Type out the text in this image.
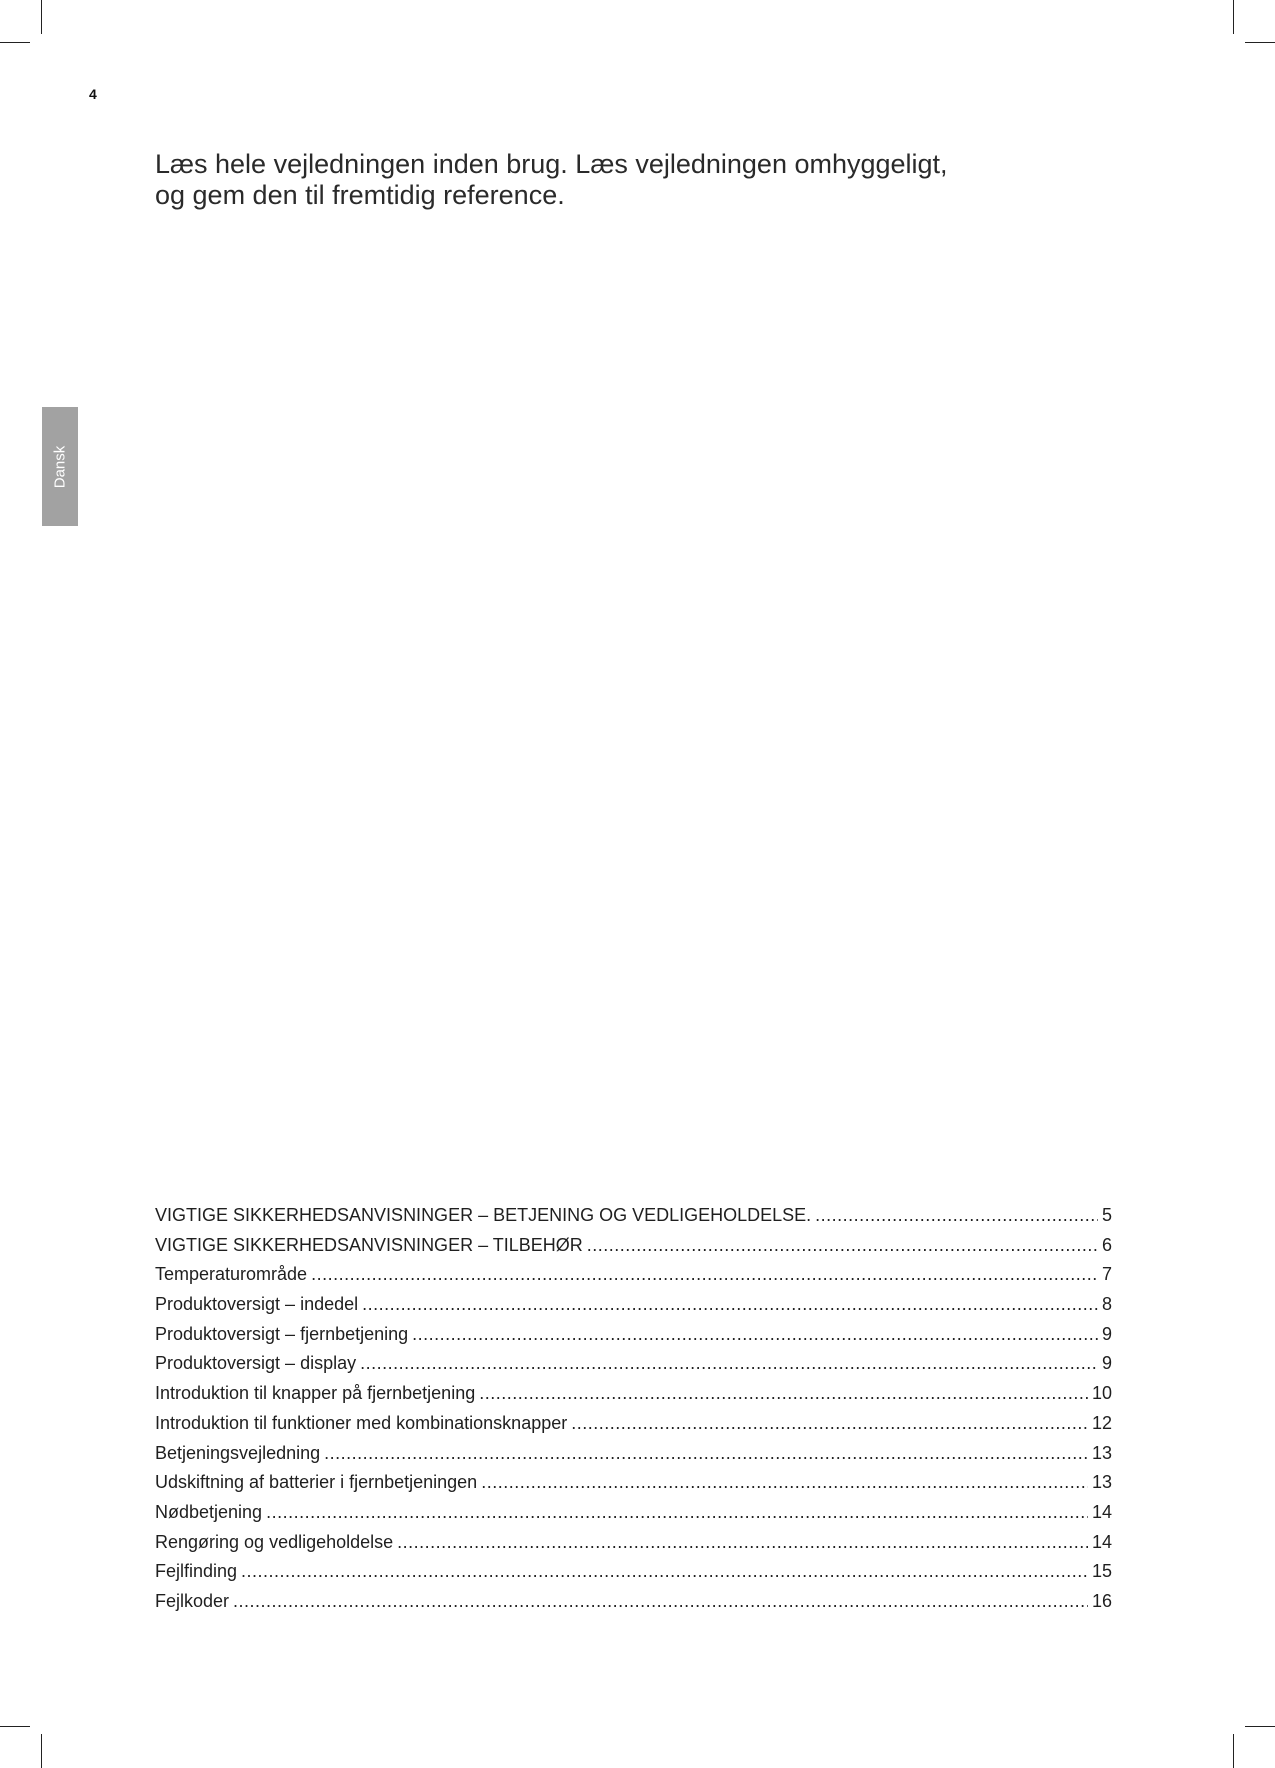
4
Læs hele vejledningen inden brug. Læs vejledningen omhyggeligt,
og gem den til fremtidig reference.
Dansk
VIGTIGE SIKKERHEDSANVISNINGER – BETJENING OG VEDLIGEHOLDELSE. .....	5
VIGTIGE SIKKERHEDSANVISNINGER – TILBEHØR .....	6
Temperaturområde .....	7
Produktoversigt – indedel .....	8
Produktoversigt – fjernbetjening .....	9
Produktoversigt – display .....	9
Introduktion til knapper på fjernbetjening .....	10
Introduktion til funktioner med kombinationsknapper .....	12
Betjeningsvejledning .....	13
Udskiftning af batterier i fjernbetjeningen .....	13
Nødbetjening .....	14
Rengøring og vedligeholdelse .....	14
Fejlfinding .....	15
Fejlkoder .....	16
